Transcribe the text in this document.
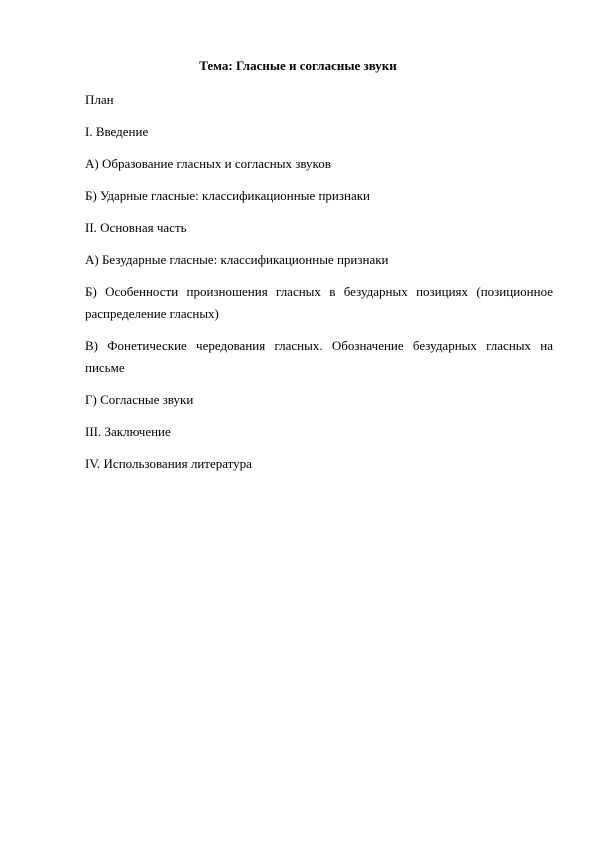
Тема: Гласные и согласные звуки

План

I. Введение

А) Образование гласных и согласных звуков

Б) Ударные гласные: классификационные признаки

II. Основная часть

А) Безударные гласные: классификационные признаки

Б) Особенности произношения гласных в безударных позициях (позиционное распределение гласных)

В) Фонетические чередования гласных. Обозначение безударных гласных на письме

Г) Согласные звуки

III. Заключение

IV. Использования литература
